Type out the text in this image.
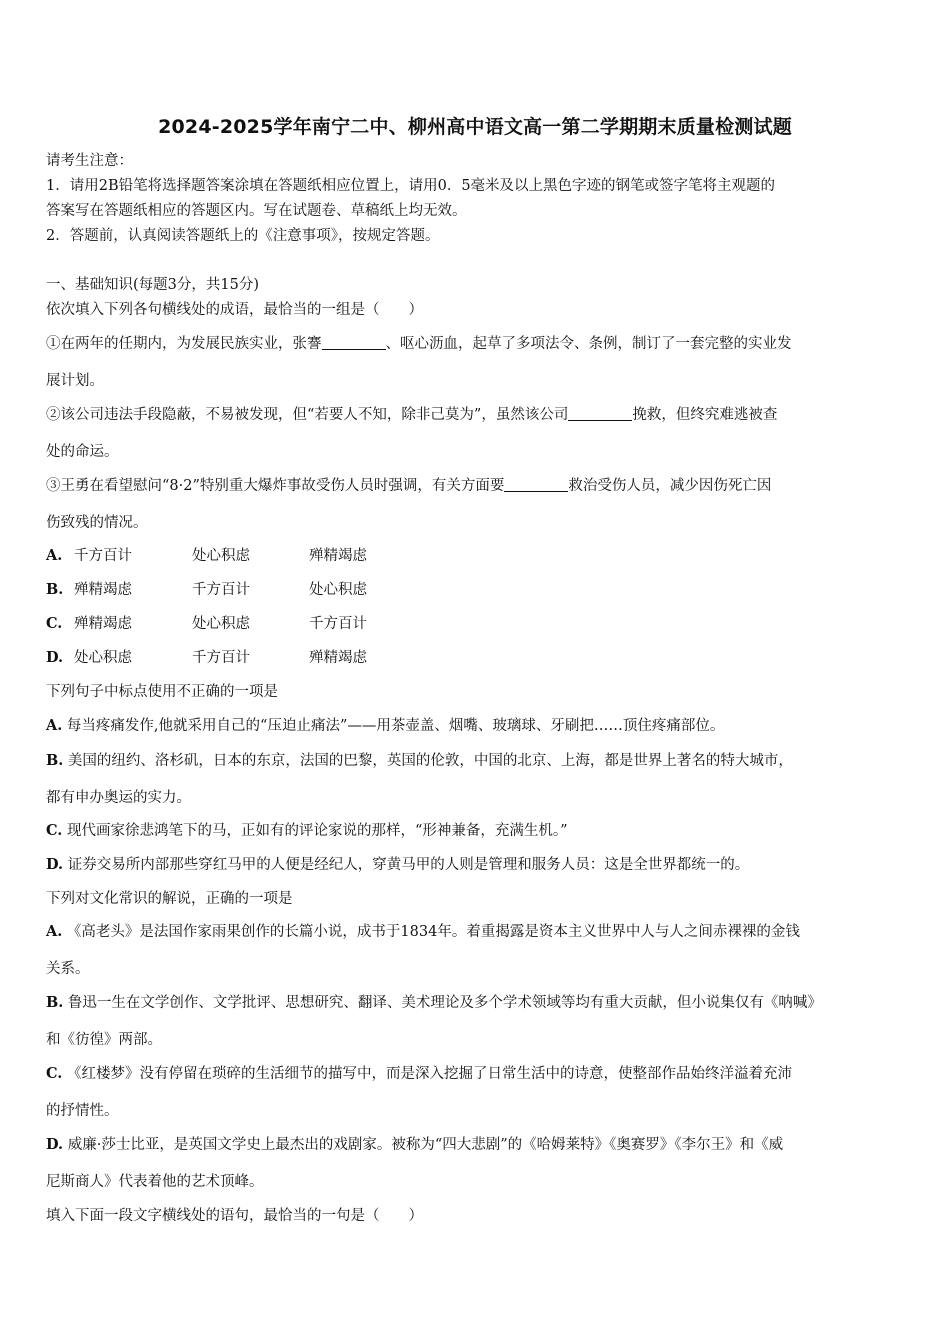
2024-2025学年南宁二中、柳州高中语文高一第二学期期末质量检测试题
请考生注意：
1．请用2B铅笔将选择题答案涂填在答题纸相应位置上，请用0．5毫米及以上黑色字迹的钢笔或签字笔将主观题的
答案写在答题纸相应的答题区内。写在试题卷、草稿纸上均无效。
2．答题前，认真阅读答题纸上的《注意事项》，按规定答题。
一、基础知识(每题3分，共15分)
依次填入下列各句横线处的成语，最恰当的一组是（　　）
①在两年的任期内，为发展民族实业，张謇	、呕心沥血，起草了多项法令、条例，制订了一套完整的实业发
展计划。
②该公司违法手段隐蔽，不易被发现，但“若要人不知，除非己莫为”，虽然该公司	挽救，但终究难逃被查
处的命运。
③王勇在看望慰问“8·2”特别重大爆炸事故受伤人员时强调，有关方面要	救治受伤人员，减少因伤死亡因
伤致残的情况。
A. 千方百计	处心积虑	殚精竭虑
B. 殚精竭虑	千方百计	处心积虑
C. 殚精竭虑	处心积虑	千方百计
D. 处心积虑	千方百计	殚精竭虑
下列句子中标点使用不正确的一项是
A. 每当疼痛发作,他就采用自己的“压迫止痛法”——用茶壶盖、烟嘴、玻璃球、牙刷把……顶住疼痛部位。
B. 美国的纽约、洛杉矶，日本的东京，法国的巴黎，英国的伦敦，中国的北京、上海，都是世界上著名的特大城市，
都有申办奥运的实力。
C. 现代画家徐悲鸿笔下的马，正如有的评论家说的那样，“形神兼备，充满生机。”
D. 证券交易所内部那些穿红马甲的人便是经纪人，穿黄马甲的人则是管理和服务人员：这是全世界都统一的。
下列对文化常识的解说，正确的一项是
A. 《高老头》是法国作家雨果创作的长篇小说，成书于1834年。着重揭露是资本主义世界中人与人之间赤裸裸的金钱
关系。
B. 鲁迅一生在文学创作、文学批评、思想研究、翻译、美术理论及多个学术领域等均有重大贡献，但小说集仅有《呐喊》
和《彷徨》两部。
C. 《红楼梦》没有停留在琐碎的生活细节的描写中，而是深入挖掘了日常生活中的诗意，使整部作品始终洋溢着充沛
的抒情性。
D. 威廉·莎士比亚，是英国文学史上最杰出的戏剧家。被称为“四大悲剧”的《哈姆莱特》《奥赛罗》《李尔王》和《威
尼斯商人》代表着他的艺术顶峰。
填入下面一段文字横线处的语句，最恰当的一句是（　　）
